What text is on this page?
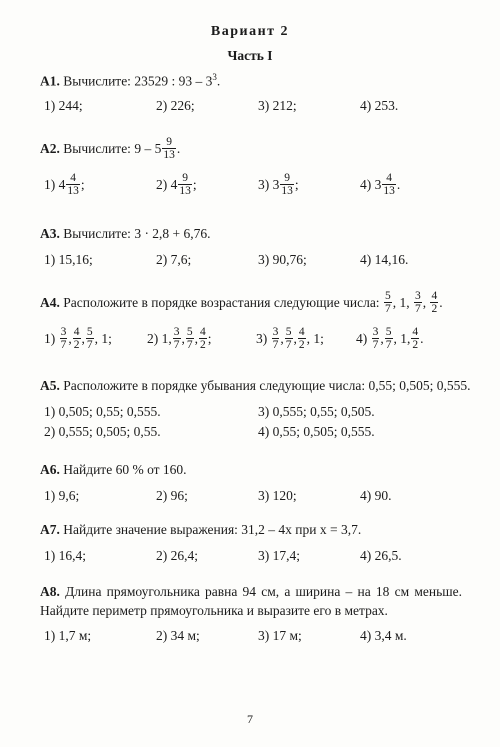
Вариант 2
Часть I
А1. Вычислите: 23529 : $93 - 3^3$.
1) 244;	2) 226;	3) 212;	4) 253.
А2.
Вычислите:
$9 - 5 \frac{9}{13}$ .
1)
$4 \frac{4}{13}$ ;	2)
$4 \frac{9}{13}$ ;	3)
$3 \frac{9}{13}$ ;	4)
$3 \frac{4}{13}$ .
А3. Вычислите: 3 · 2,8 + 6,76.
1) 15,16;	2) 7,6;	3) 90,76;	4) 14,16.
А4.
Расположите в порядке возрастания следующие числа:
$\frac{5}{7}$ ,
1 ,
$\frac{3}{7}$ ,
$\frac{4}{2}$ .
1)
$\frac{3}{7}$ , $\frac{4}{2}$ , $\frac{5}{7}$ , 1 ;	2)
1 , $\frac{3}{7}$ , $\frac{5}{7}$ , $\frac{4}{2}$ ;	3)
$\frac{3}{7}$ , $\frac{5}{7}$ , $\frac{4}{2}$ , 1 ; 4)
$\frac{3}{7}$ , $\frac{5}{7}$ , 1 , $\frac{4}{2}$ .
А5. Расположите в порядке убывания следующие числа: 0,55; 0,505; 0,555.
1) 0,505; 0,55; 0,555.	3) 0,555; 0,55; 0,505.
2) 0,555; 0,505; 0,55.	4) 0,55; 0,505; 0,555.
А6. Найдите 60 % от 160.
1) 9,6;	2) 96;	3) 120;	4) 90.
А7. Найдите значение выражения: 31,2 – 4x при x = 3,7.
1) 16,4;	2) 26,4;	3) 17,4;	4) 26,5.
А8. Длина прямоугольника равна 94 см, а ширина – на 18 см меньше. Найдите периметр прямоугольника и выразите его в метрах.
1) 1,7 м;	2) 34 м;	3) 17 м;	4) 3,4 м.
7
